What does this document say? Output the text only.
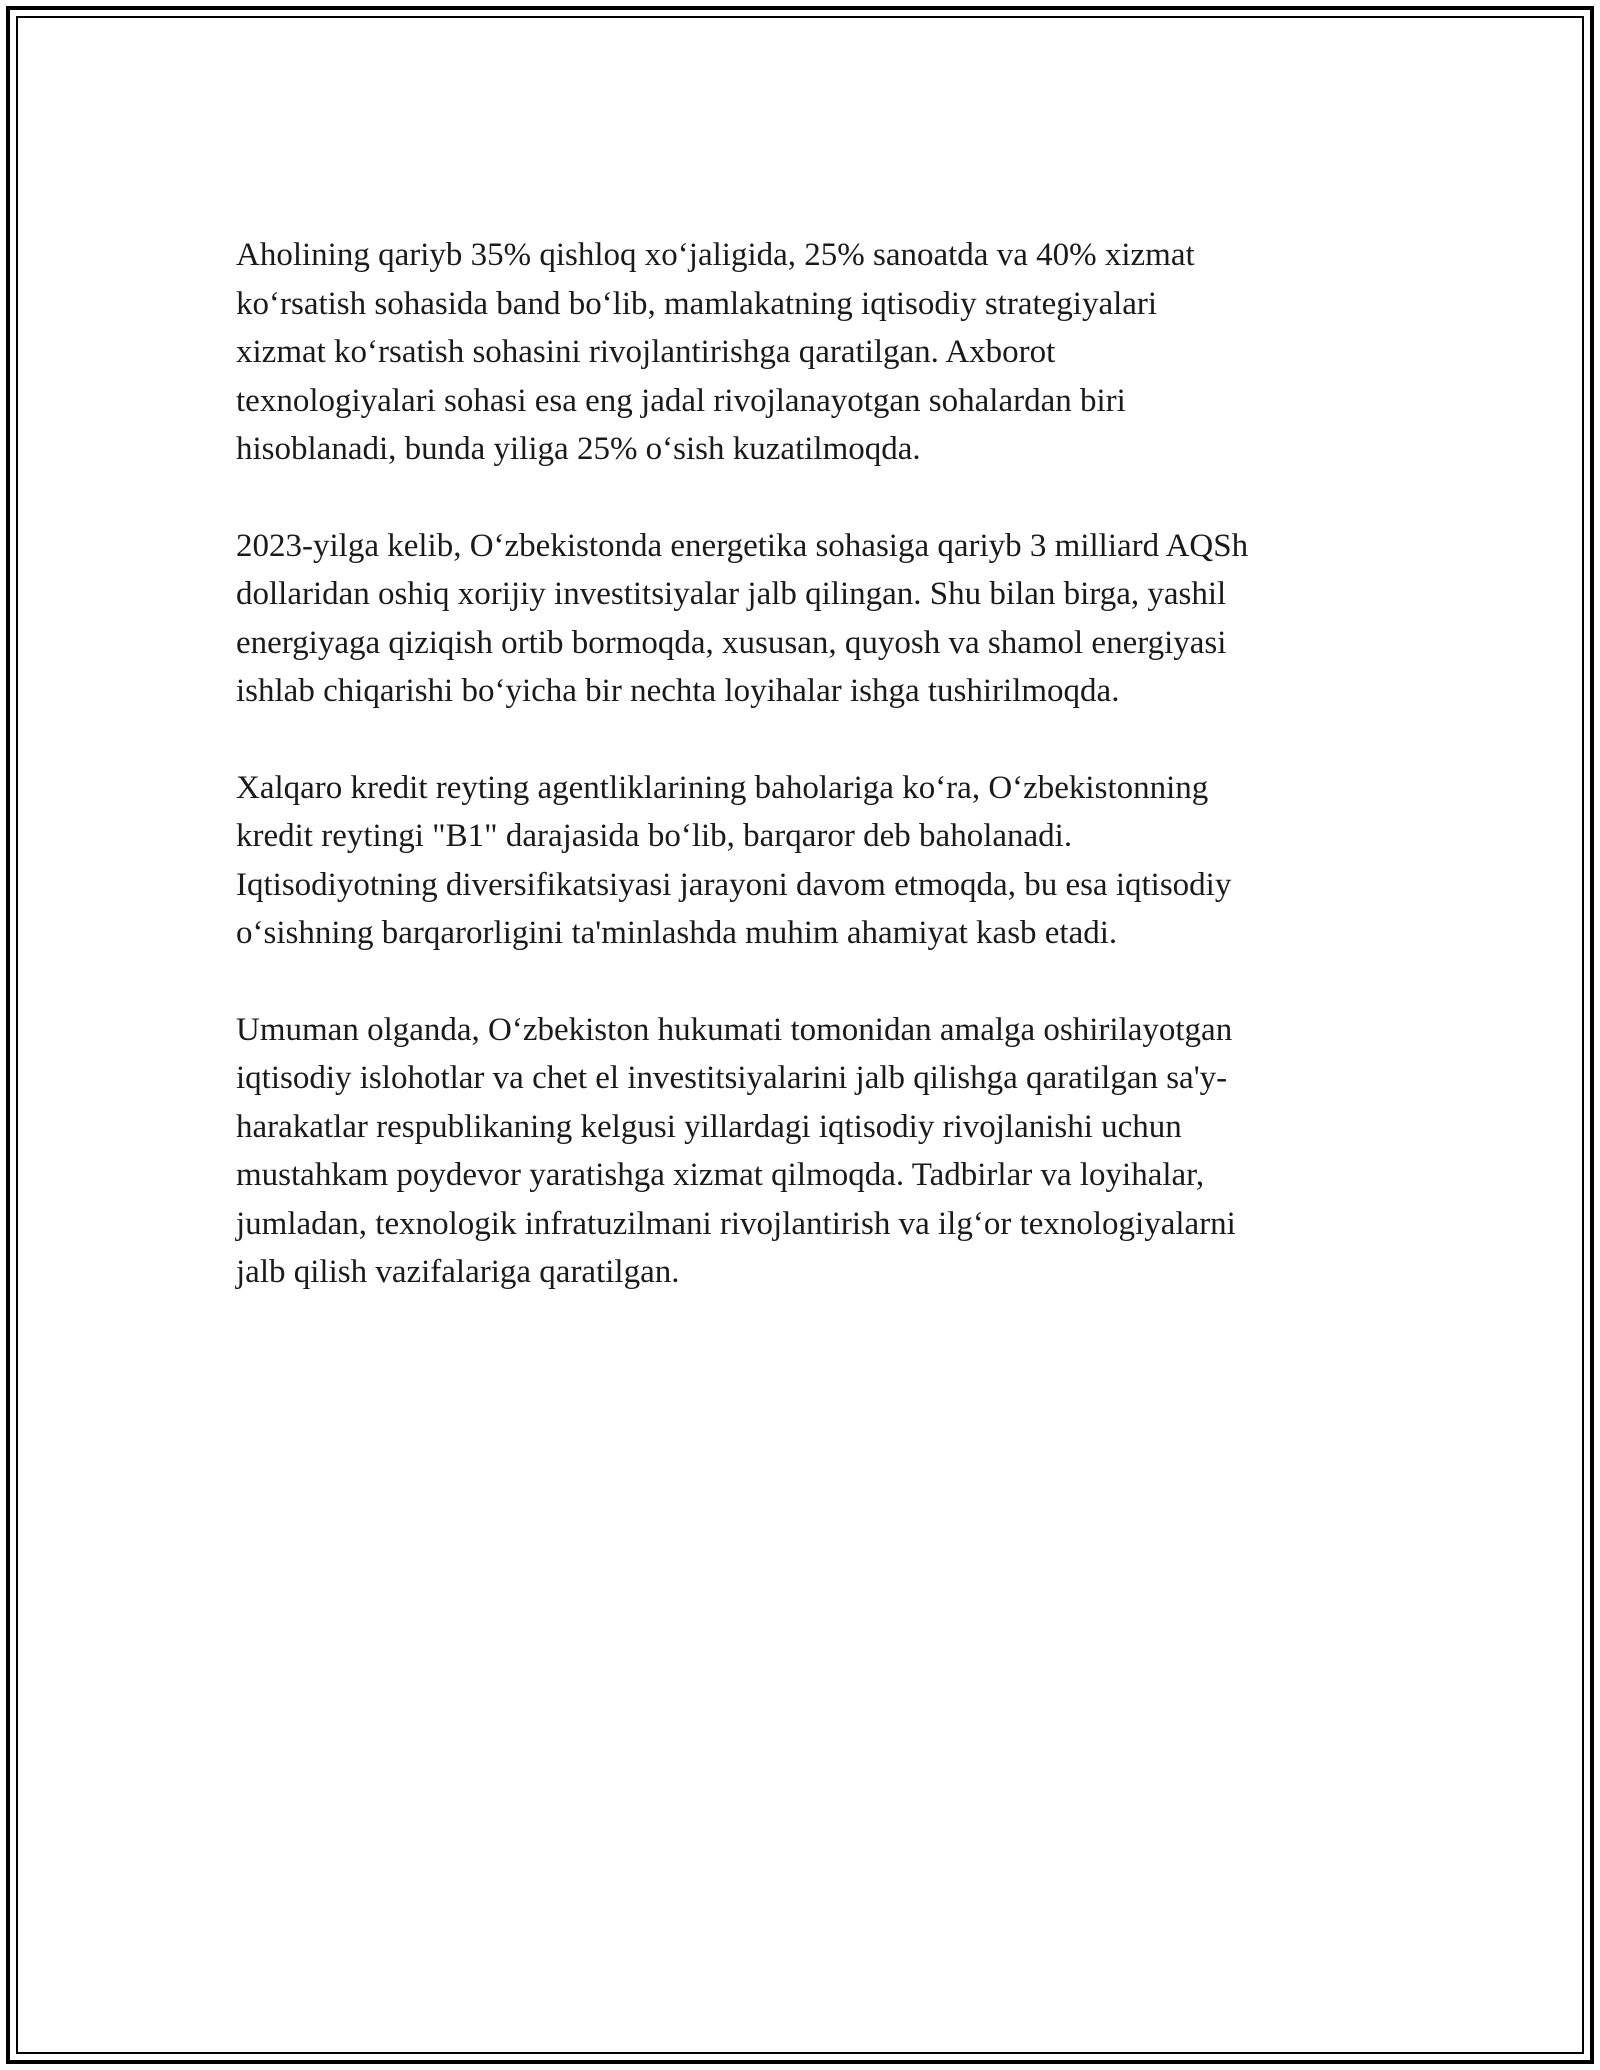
Aholining qariyb 35% qishloq xo‘jaligida, 25% sanoatda va 40% xizmat
ko‘rsatish sohasida band bo‘lib, mamlakatning iqtisodiy strategiyalari
xizmat ko‘rsatish sohasini rivojlantirishga qaratilgan. Axborot
texnologiyalari sohasi esa eng jadal rivojlanayotgan sohalardan biri
hisoblanadi, bunda yiliga 25% o‘sish kuzatilmoqda.

2023-yilga kelib, O‘zbekistonda energetika sohasiga qariyb 3 milliard AQSh
dollaridan oshiq xorijiy investitsiyalar jalb qilingan. Shu bilan birga, yashil
energiyaga qiziqish ortib bormoqda, xususan, quyosh va shamol energiyasi
ishlab chiqarishi bo‘yicha bir nechta loyihalar ishga tushirilmoqda.

Xalqaro kredit reyting agentliklarining baholariga ko‘ra, O‘zbekistonning
kredit reytingi "B1" darajasida bo‘lib, barqaror deb baholanadi.
Iqtisodiyotning diversifikatsiyasi jarayoni davom etmoqda, bu esa iqtisodiy
o‘sishning barqarorligini ta'minlashda muhim ahamiyat kasb etadi.

Umuman olganda, O‘zbekiston hukumati tomonidan amalga oshirilayotgan
iqtisodiy islohotlar va chet el investitsiyalarini jalb qilishga qaratilgan sa'y-
harakatlar respublikaning kelgusi yillardagi iqtisodiy rivojlanishi uchun
mustahkam poydevor yaratishga xizmat qilmoqda. Tadbirlar va loyihalar,
jumladan, texnologik infratuzilmani rivojlantirish va ilg‘or texnologiyalarni
jalb qilish vazifalariga qaratilgan.
